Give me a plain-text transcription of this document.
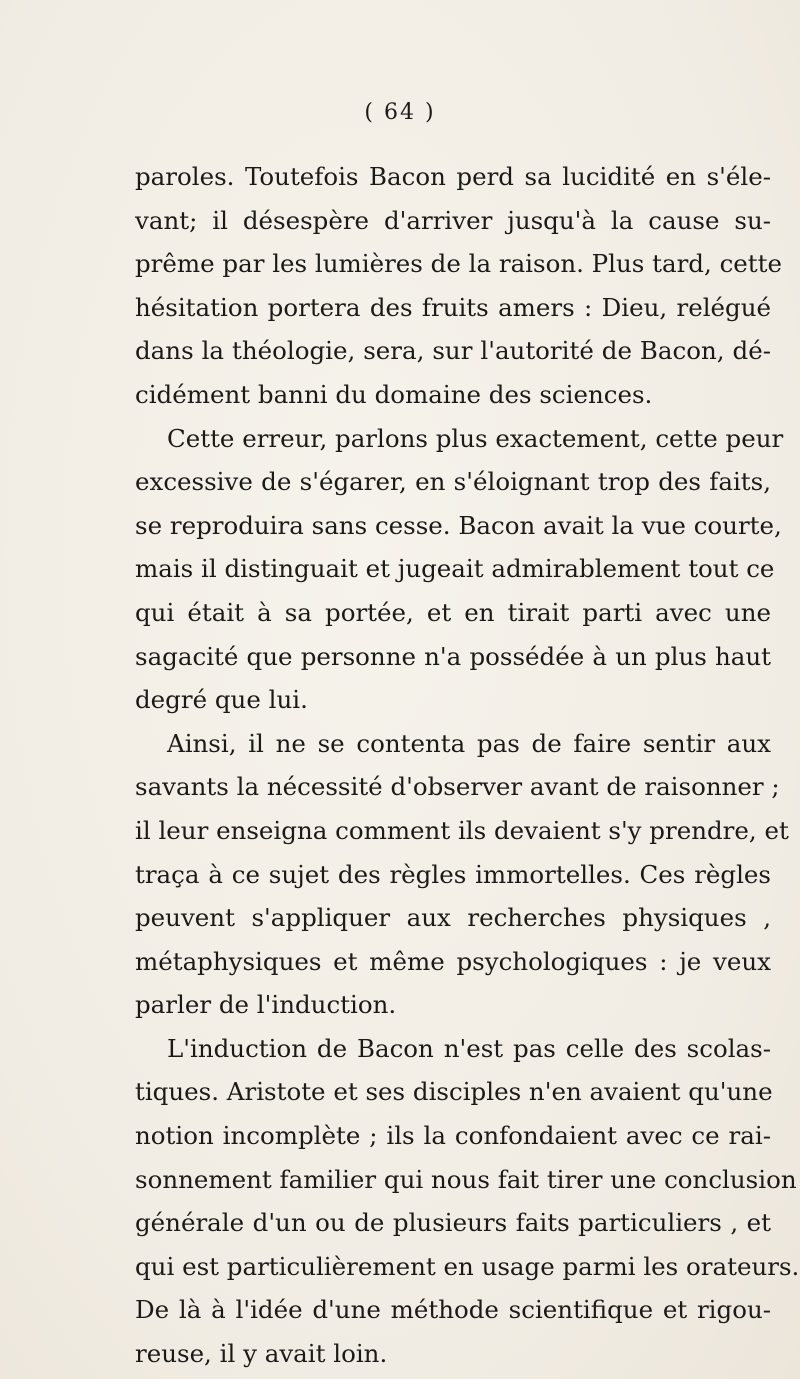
( 64 )
paroles. Toutefois Bacon perd sa lucidité en s'éle-
vant; il désespère d'arriver jusqu'à la cause su-
prême par les lumières de la raison. Plus tard, cette
hésitation portera des fruits amers : Dieu, relégué
dans la théologie, sera, sur l'autorité de Bacon, dé-
cidément banni du domaine des sciences.
Cette erreur, parlons plus exactement, cette peur
excessive de s'égarer, en s'éloignant trop des faits,
se reproduira sans cesse. Bacon avait la vue courte,
mais il distinguait et jugeait admirablement tout ce
qui était à sa portée, et en tirait parti avec une
sagacité que personne n'a possédée à un plus haut
degré que lui.
Ainsi, il ne se contenta pas de faire sentir aux
savants la nécessité d'observer avant de raisonner ;
il leur enseigna comment ils devaient s'y prendre, et
traça à ce sujet des règles immortelles. Ces règles
peuvent s'appliquer aux recherches physiques ,
métaphysiques et même psychologiques : je veux
parler de l'induction.
L'induction de Bacon n'est pas celle des scolas-
tiques. Aristote et ses disciples n'en avaient qu'une
notion incomplète ; ils la confondaient avec ce rai-
sonnement familier qui nous fait tirer une conclusion
générale d'un ou de plusieurs faits particuliers , et
qui est particulièrement en usage parmi les orateurs.
De là à l'idée d'une méthode scientifique et rigou-
reuse, il y avait loin.
